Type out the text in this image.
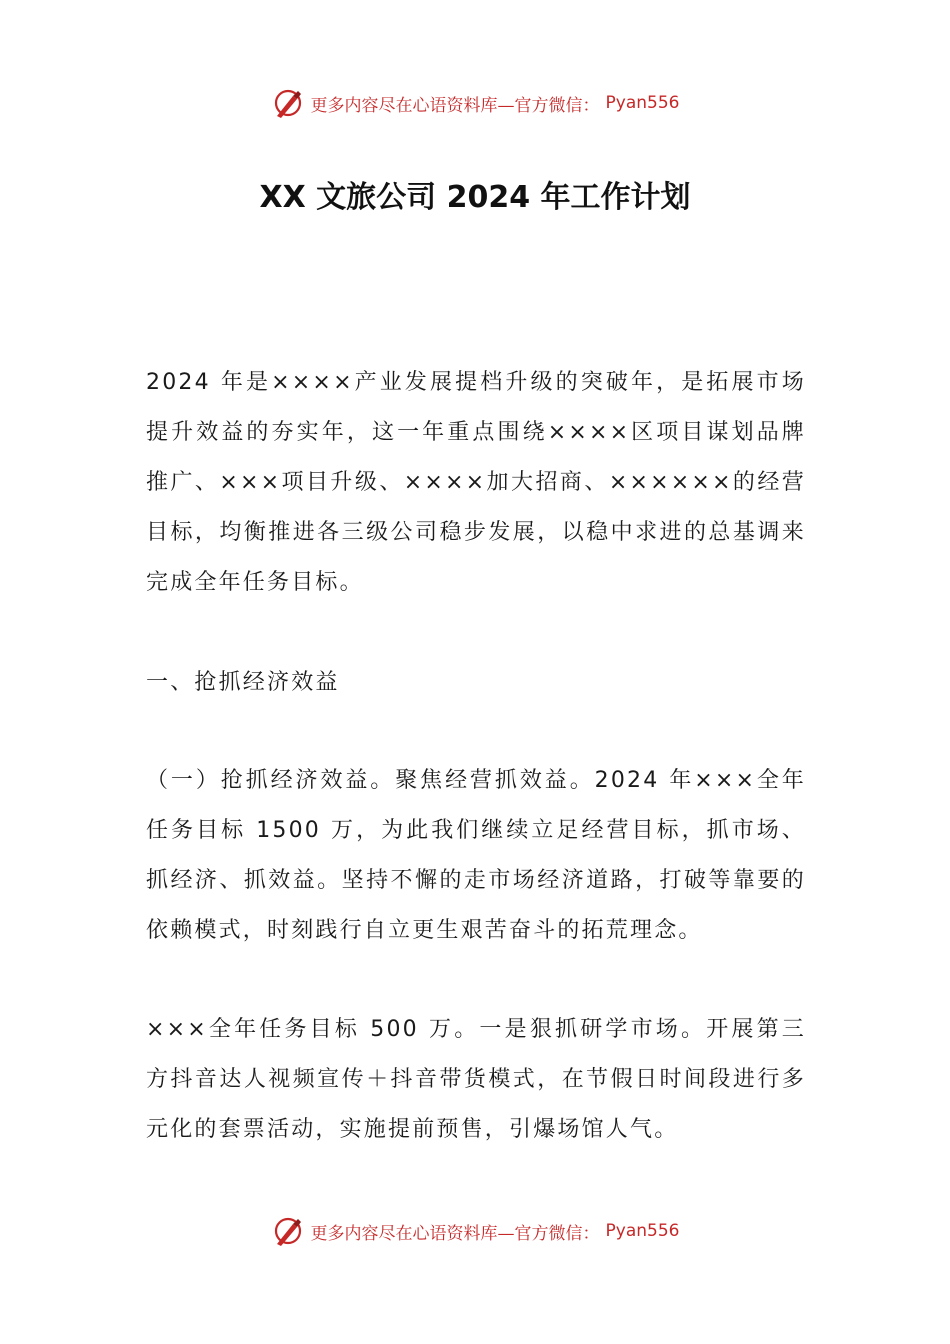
更多内容尽在心语资料库—官方微信： Pyan556
XX 文旅公司 2024 年工作计划

2024 年是××××产业发展提档升级的突破年，是拓展市场提升效益的夯实年，这一年重点围绕××××区项目谋划品牌推广、×××项目升级、××××加大招商、××××××的经营目标，均衡推进各三级公司稳步发展，以稳中求进的总基调来完成全年任务目标。

一、抢抓经济效益

（一）抢抓经济效益。聚焦经营抓效益。2024 年×××全年任务目标 1500 万，为此我们继续立足经营目标，抓市场、抓经济、抓效益。坚持不懈的走市场经济道路，打破等靠要的依赖模式，时刻践行自立更生艰苦奋斗的拓荒理念。

×××全年任务目标 500 万。一是狠抓研学市场。开展第三方抖音达人视频宣传＋抖音带货模式，在节假日时间段进行多元化的套票活动，实施提前预售，引爆场馆人气。

更多内容尽在心语资料库—官方微信： Pyan556
